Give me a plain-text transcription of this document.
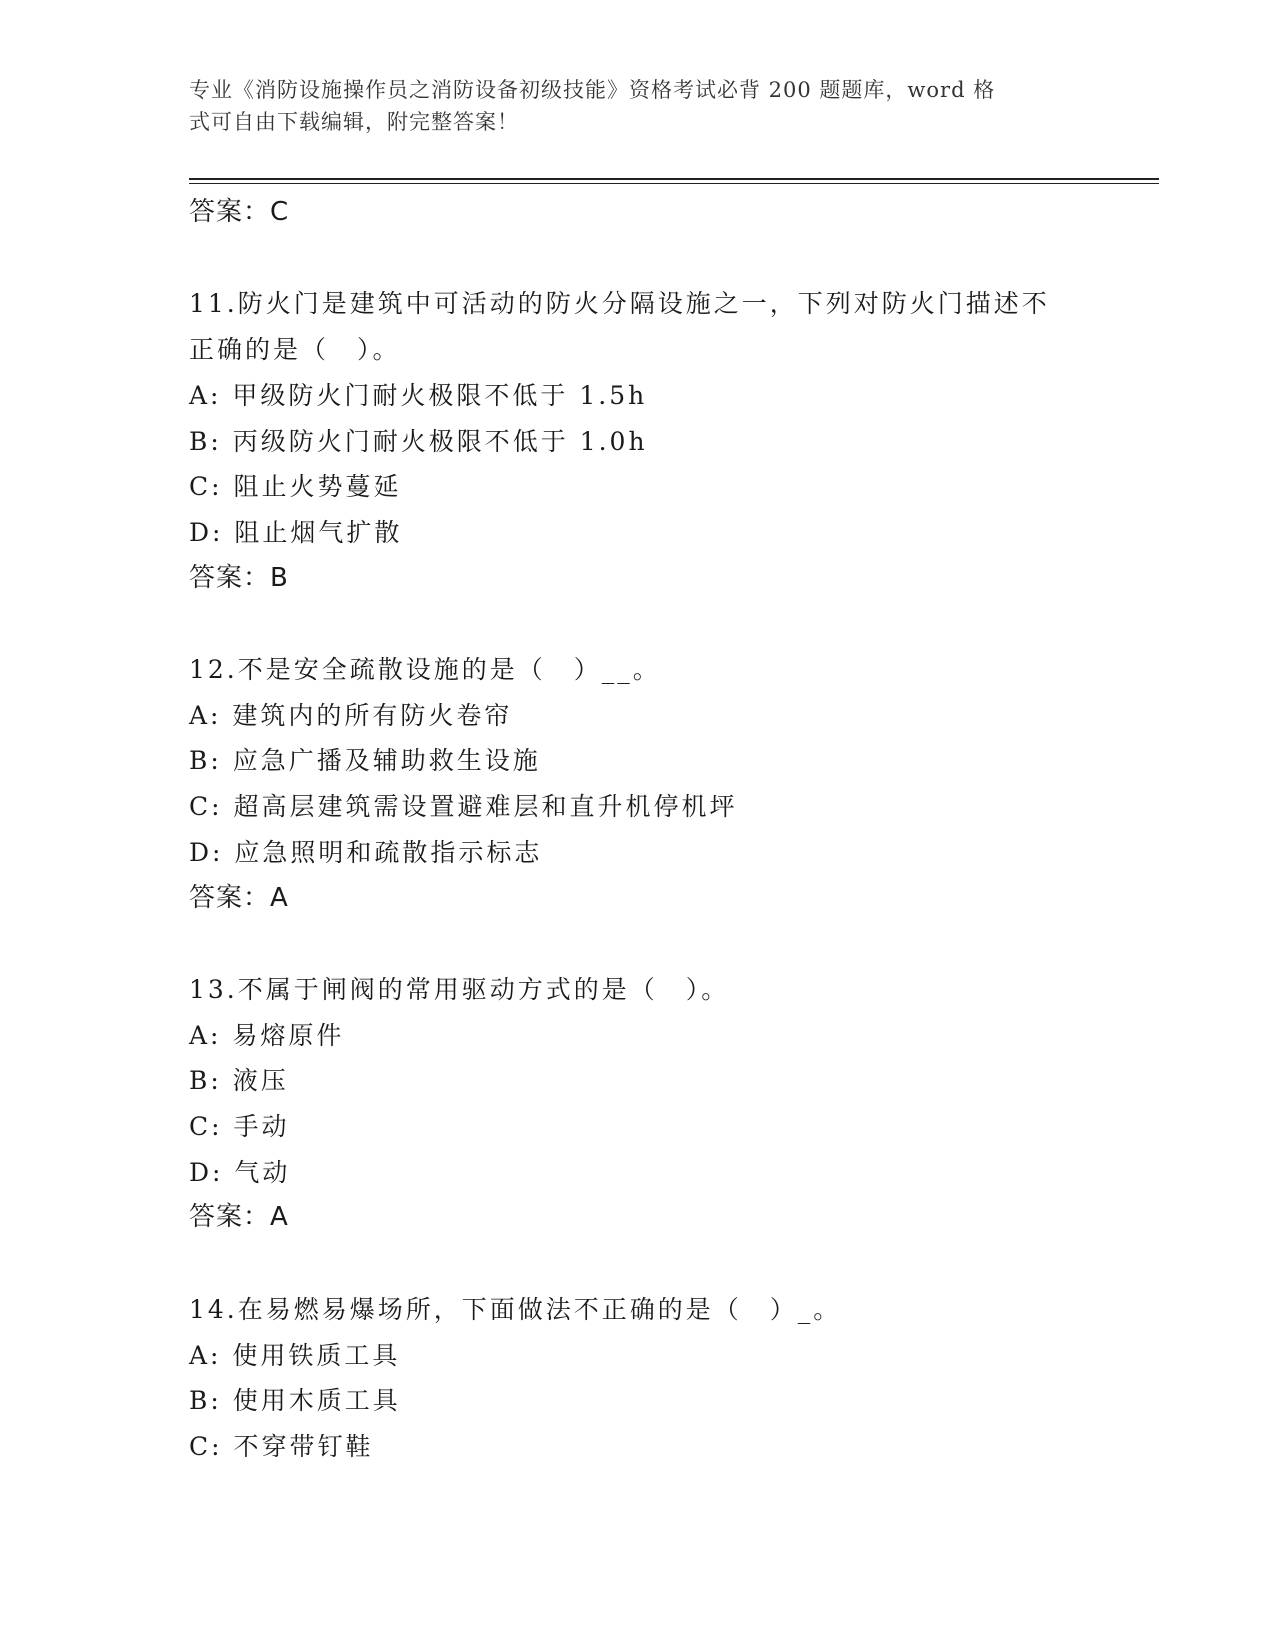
专业《消防设施操作员之消防设备初级技能》资格考试必背 200 题题库，word 格
式可自由下载编辑，附完整答案！
答案：C
11.防火门是建筑中可活动的防火分隔设施之一，下列对防火门描述不
正确的是（　）。
A: 甲级防火门耐火极限不低于 1.5h
B: 丙级防火门耐火极限不低于 1.0h
C: 阻止火势蔓延
D: 阻止烟气扩散
答案：B
12.不是安全疏散设施的是（　）__。
A: 建筑内的所有防火卷帘
B: 应急广播及辅助救生设施
C: 超高层建筑需设置避难层和直升机停机坪
D: 应急照明和疏散指示标志
答案：A
13.不属于闸阀的常用驱动方式的是（　）。
A: 易熔原件
B: 液压
C: 手动
D: 气动
答案：A
14.在易燃易爆场所，下面做法不正确的是（　）_。
A: 使用铁质工具
B: 使用木质工具
C: 不穿带钉鞋
